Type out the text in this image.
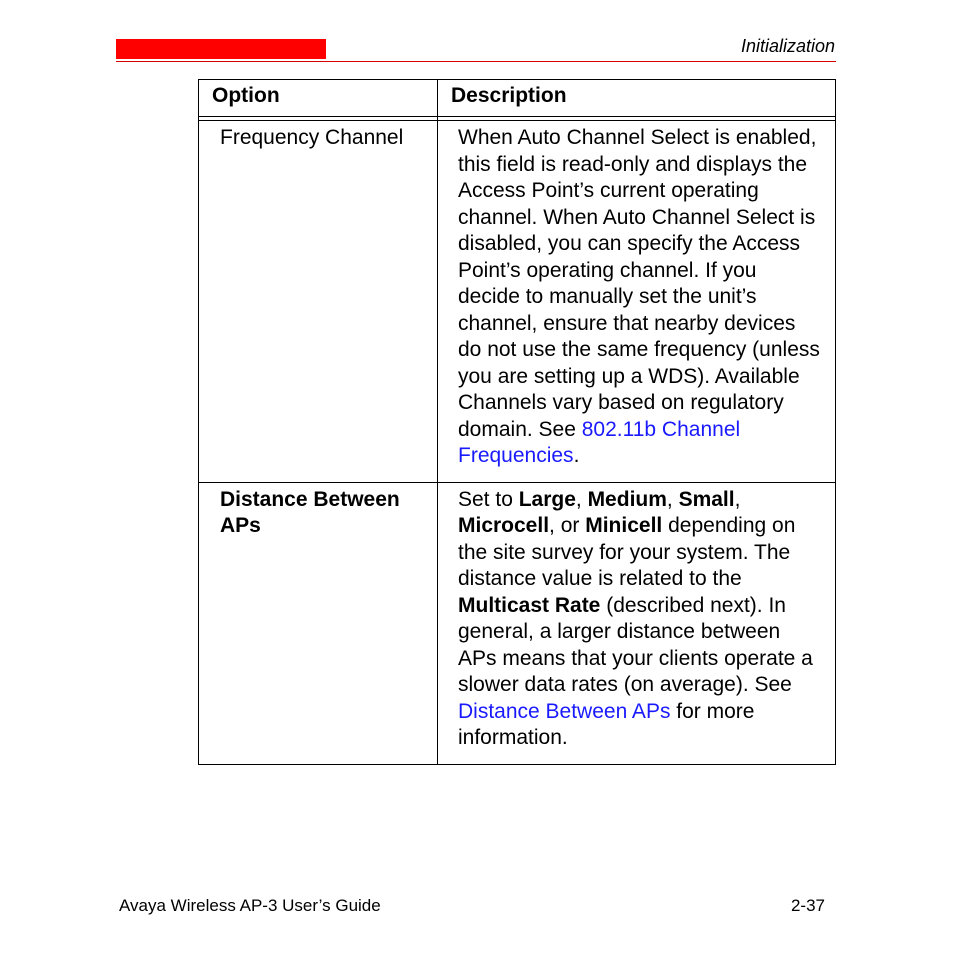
Initialization
Option	Description

Frequency Channel	When Auto Channel Select is enabled, this field is read-only and displays the Access Point’s current operating channel. When Auto Channel Select is disabled, you can specify the Access Point’s operating channel. If you decide to manually set the unit’s channel, ensure that nearby devices do not use the same frequency (unless you are setting up a WDS). Available Channels vary based on regulatory domain. See 802.11b Channel Frequencies.
Distance Between APs	Set to Large, Medium, Small, Microcell, or Minicell depending on the site survey for your system. The distance value is related to the Multicast Rate (described next). In general, a larger distance between APs means that your clients operate a slower data rates (on average). See Distance Between APs for more information.
Avaya Wireless AP-3 User’s Guide	2-37
